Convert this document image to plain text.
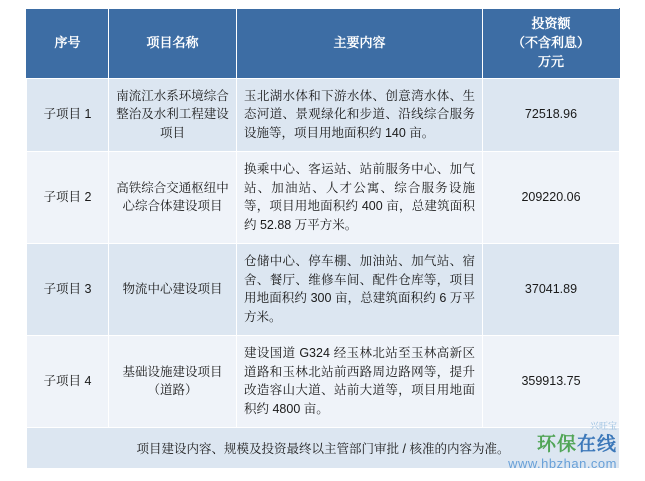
序号	项目名称	主要内容	投资额
（不含利息）
万元

子项目 1	南流江水系环境综合整治及水利工程建设项目	玉北湖水体和下游水体、创意湾水体、生态河道、景观绿化和步道、沿线综合服务设施等，项目用地面积约 140 亩。	72518.96
子项目 2	高铁综合交通枢纽中心综合体建设项目	换乘中心、客运站、站前服务中心、加气站、加油站、人才公寓、综合服务设施等，项目用地面积约 400 亩，总建筑面积约 52.88 万平方米。	209220.06
子项目 3	物流中心建设项目	仓储中心、停车棚、加油站、加气站、宿舍、餐厅、维修车间、配件仓库等，项目用地面积约 300 亩，总建筑面积约 6 万平方米。	37041.89
子项目 4	基础设施建设项目（道路）	建设国道 G324 经玉林北站至玉林高新区道路和玉林北站前西路周边路网等，提升改造容山大道、站前大道等，项目用地面积约 4800 亩。	359913.75
项目建设内容、规模及投资最终以主管部门审批 / 核准的内容为准。			
兴旺宝
环保在线
www.hbzhan.com
